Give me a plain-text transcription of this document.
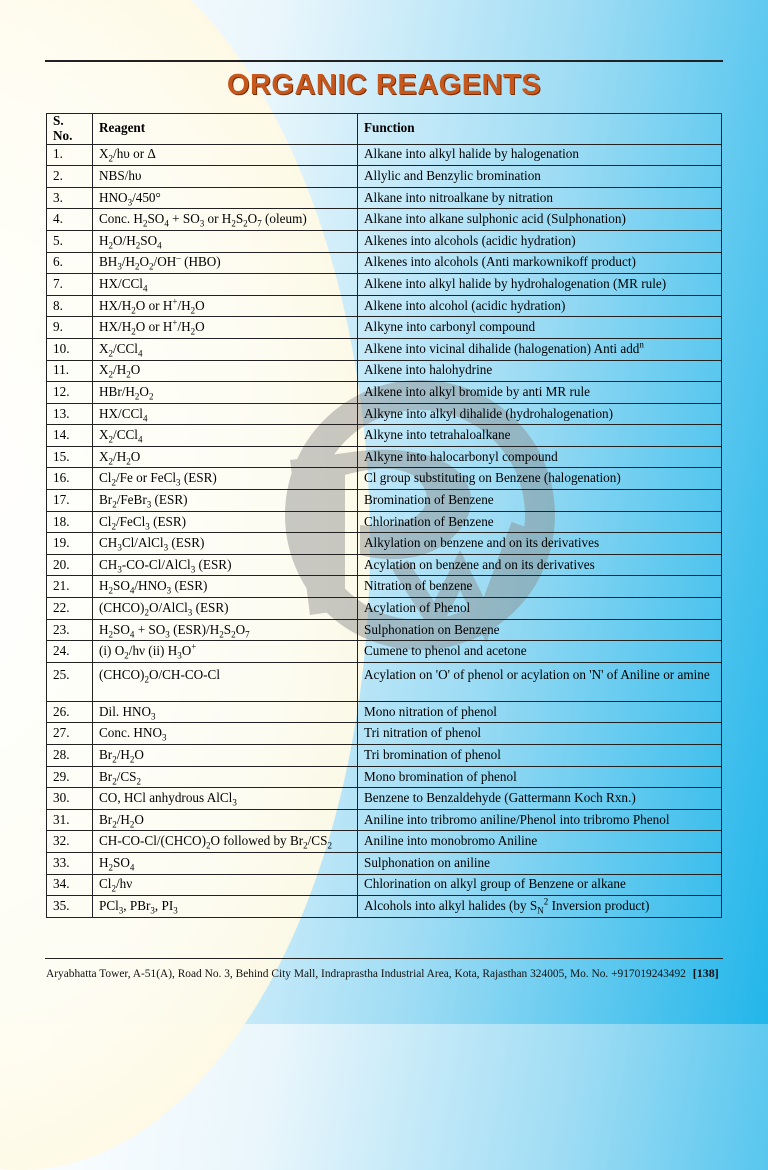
ORGANIC REAGENTS
S. No.	Reagent	Function
1.	$X_2/h\upsilon$ or Δ	Alkane into alkyl halide by halogenation
2.	NBS/hυ	Allylic and Benzylic bromination
3.	$HNO_3/450^\circ$	Alkane into nitroalkane by nitration
4.	Conc. $H_2SO_4 + SO_3$ or $H_2S_2O_7$ (oleum)	Alkane into alkane sulphonic acid (Sulphonation)
5.	$H_2O/H_2SO_4$	Alkenes into alcohols (acidic hydration)
6.	$BH_3/H_2O_2/OH^-$ (HBO)	Alkenes into alcohols (Anti markownikoff product)
7.	HX/CCl$_4$	Alkene into alkyl halide by hydrohalogenation (MR rule)
8.	$HX/H_2O$ or $H^+/H_2O$	Alkene into alcohol (acidic hydration)
9.	$HX/H_2O$ or $H^+/H_2O$	Alkyne into carbonyl compound
10.	$X_2/CCl_4$	Alkene into vicinal dihalide (halogenation) Anti add$^n$
11.	$X_2/H_2O$	Alkene into halohydrine
12.	HBr/$H_2O_2$	Alkene into alkyl bromide by anti MR rule
13.	HX/CCl$_4$	Alkyne into alkyl dihalide (hydrohalogenation)
14.	$X_2/CCl_4$	Alkyne into tetrahaloalkane
15.	$X_2/H_2O$	Alkyne into halocarbonyl compound
16.	$Cl_2/Fe$ or FeCl$_3$ (ESR)	Cl group substituting on Benzene (halogenation)
17.	$Br_2/FeBr_3$ (ESR)	Bromination of Benzene
18.	$Cl_2/FeCl_3$ (ESR)	Chlorination of Benzene
19.	$CH_3Cl/AlCl_3$ (ESR)	Alkylation on benzene and on its derivatives
20.	$CH_3-CO-Cl/AlCl_3$ (ESR)	Acylation on benzene and on its derivatives
21.	$H_2SO_4/HNO_3$ (ESR)	Nitration of benzene
22.	$(CHCO)_2O/AlCl_3$ (ESR)	Acylation of Phenol
23.	$H_2SO_4 + SO_3$ $(ESR)/H_2S_2O_7$	Sulphonation on Benzene
24.	(i) $O_2/h\nu$ (ii) $H_3O^+$	Cumene to phenol and acetone
25.	$(CHCO)_2O/CH-CO-Cl$	Acylation on 'O' of phenol or acylation on 'N' of Aniline or amine
26.	Dil. $HNO_3$	Mono nitration of phenol
27.	Conc. $HNO_3$	Tri nitration of phenol
28.	$Br_2/H_2O$	Tri bromination of phenol
29.	$Br_2/CS_2$	Mono bromination of phenol
30.	CO, HCl anhydrous AlCl$_3$	Benzene to Benzaldehyde (Gattermann Koch Rxn.)
31.	$Br_2/H_2O$	Aniline into tribromo aniline/Phenol into tribromo Phenol
32.	$CH-CO-Cl/(CHCO)_2O$ followed by $Br_2/CS_2$	Aniline into monobromo Aniline
33.	$H_2SO_4$	Sulphonation on aniline
34.	$Cl_2/h\nu$	Chlorination on alkyl group of Benzene or alkane
35.	PCl$_3$, PBr$_3$, $PI_3$	Alcohols into alkyl halides (by $S_N^2$ Inversion product)
Aryabhatta Tower, A-51(A), Road No. 3, Behind City Mall, Indraprastha Industrial Area, Kota, Rajasthan 324005, Mo. No. +917019243492 [138]
